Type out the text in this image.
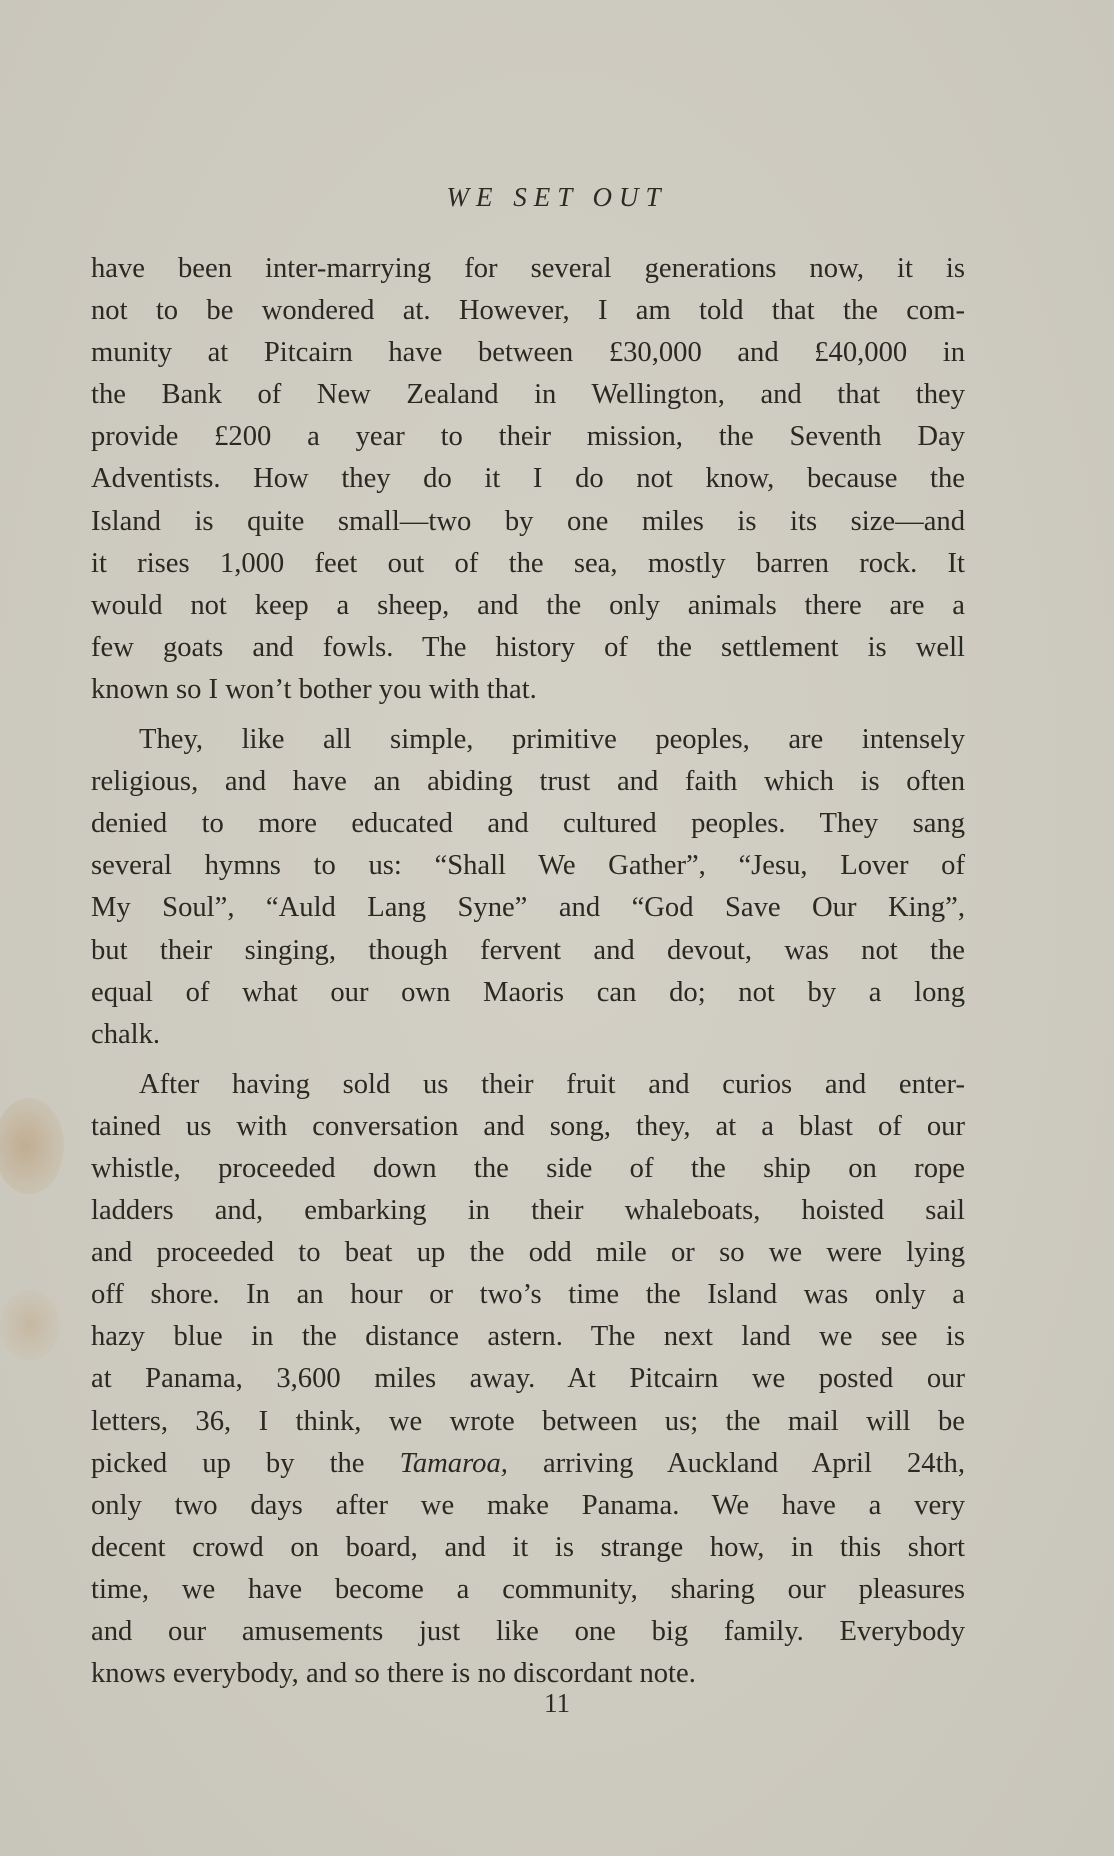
WE SET OUT

have been inter-marrying for several generations now, it is
not to be wondered at. However, I am told that the com-
munity at Pitcairn have between £30,000 and £40,000 in
the Bank of New Zealand in Wellington, and that they
provide £200 a year to their mission, the Seventh Day
Adventists. How they do it I do not know, because the
Island is quite small—two by one miles is its size—and
it rises 1,000 feet out of the sea, mostly barren rock. It
would not keep a sheep, and the only animals there are a
few goats and fowls. The history of the settlement is well
known so I won’t bother you with that.

They, like all simple, primitive peoples, are intensely
religious, and have an abiding trust and faith which is often
denied to more educated and cultured peoples. They sang
several hymns to us: “Shall We Gather”, “Jesu, Lover of
My Soul”, “Auld Lang Syne” and “God Save Our King”,
but their singing, though fervent and devout, was not the
equal of what our own Maoris can do; not by a long
chalk.

After having sold us their fruit and curios and enter-
tained us with conversation and song, they, at a blast of our
whistle, proceeded down the side of the ship on rope
ladders and, embarking in their whaleboats, hoisted sail
and proceeded to beat up the odd mile or so we were lying
off shore. In an hour or two’s time the Island was only a
hazy blue in the distance astern. The next land we see is
at Panama, 3,600 miles away. At Pitcairn we posted our
letters, 36, I think, we wrote between us; the mail will be
picked up by the Tamaroa, arriving Auckland April 24th,
only two days after we make Panama. We have a very
decent crowd on board, and it is strange how, in this short
time, we have become a community, sharing our pleasures
and our amusements just like one big family. Everybody
knows everybody, and so there is no discordant note.

11
